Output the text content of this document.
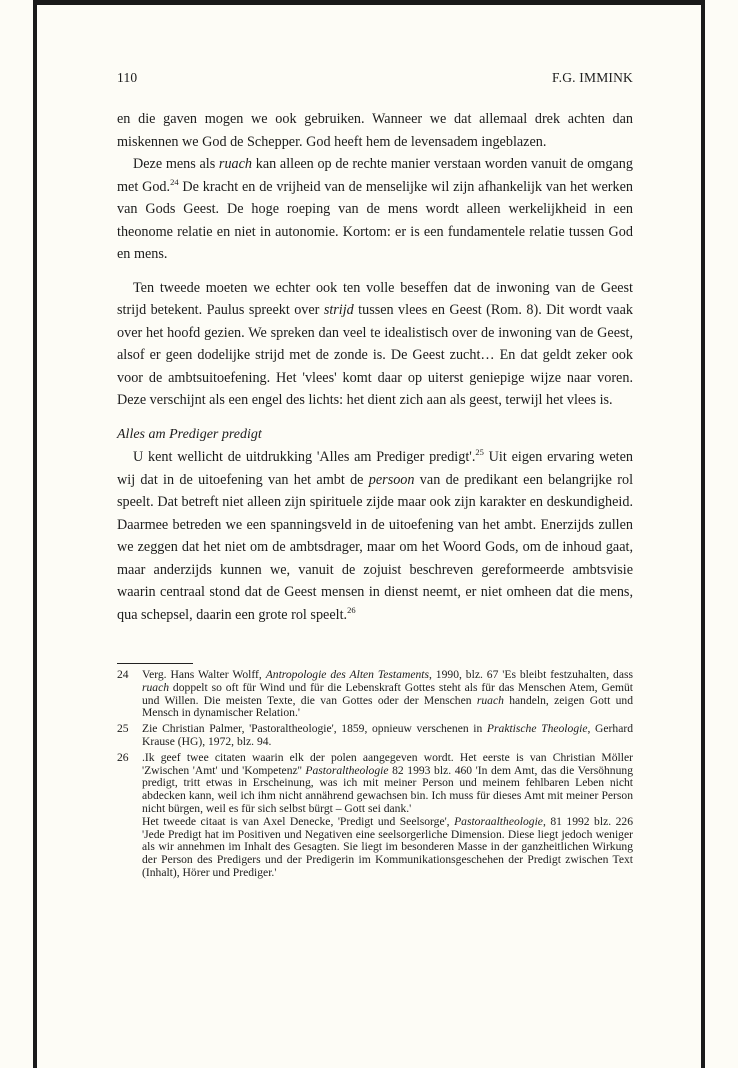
110	F.G. IMMINK

en die gaven mogen we ook gebruiken. Wanneer we dat allemaal drek achten dan miskennen we God de Schepper. God heeft hem de levensadem ingeblazen.

Deze mens als ruach kan alleen op de rechte manier verstaan worden vanuit de omgang met God.$^{24}$ De kracht en de vrijheid van de menselijke wil zijn afhankelijk van het werken van Gods Geest. De hoge roeping van de mens wordt alleen werkelijkheid in een theonome relatie en niet in autonomie. Kortom: er is een fundamentele relatie tussen God en mens.

Ten tweede moeten we echter ook ten volle beseffen dat de inwoning van de Geest strijd betekent. Paulus spreekt over strijd tussen vlees en Geest (Rom. 8). Dit wordt vaak over het hoofd gezien. We spreken dan veel te idealistisch over de inwoning van de Geest, alsof er geen dodelijke strijd met de zonde is. De Geest zucht… En dat geldt zeker ook voor de ambtsuitoefening. Het 'vlees' komt daar op uiterst geniepige wijze naar voren. Deze verschijnt als een engel des lichts: het dient zich aan als geest, terwijl het vlees is.

Alles am Prediger predigt

U kent wellicht de uitdrukking 'Alles am Prediger predigt'.$^{25}$ Uit eigen ervaring weten wij dat in de uitoefening van het ambt de persoon van de predikant een belangrijke rol speelt. Dat betreft niet alleen zijn spirituele zijde maar ook zijn karakter en deskundigheid. Daarmee betreden we een spanningsveld in de uitoefening van het ambt. Enerzijds zullen we zeggen dat het niet om de ambtsdrager, maar om het Woord Gods, om de inhoud gaat, maar anderzijds kunnen we, vanuit de zojuist beschreven gereformeerde ambtsvisie waarin centraal stond dat de Geest mensen in dienst neemt, er niet omheen dat die mens, qua schepsel, daarin een grote rol speelt.$^{26}$

24 Verg. Hans Walter Wolff, Antropologie des Alten Testaments, 1990, blz. 67 'Es bleibt festzuhalten, dass ruach doppelt so oft für Wind und für die Lebenskraft Gottes steht als für das Menschen Atem, Gemüt und Willen. Die meisten Texte, die van Gottes oder der Menschen ruach handeln, zeigen Gott und Mensch in dynamischer Relation.'

25 Zie Christian Palmer, 'Pastoraltheologie', 1859, opnieuw verschenen in Praktische Theologie, Gerhard Krause (HG), 1972, blz. 94.

26 .Ik geef twee citaten waarin elk der polen aangegeven wordt. Het eerste is van Christian Möller 'Zwischen 'Amt' und 'Kompetenz'' Pastoraltheologie 82 1993 blz. 460 'In dem Amt, das die Versöhnung predigt, tritt etwas in Erscheinung, was ich mit meiner Person und meinem fehlbaren Leben nicht abdecken kann, weil ich ihm nicht annährend gewachsen bin. Ich muss für dieses Amt mit meiner Person nicht bürgen, weil es für sich selbst bürgt – Gott sei dank.'

Het tweede citaat is van Axel Denecke, 'Predigt und Seelsorge', Pastoraaltheologie, 81 1992 blz. 226 'Jede Predigt hat im Positiven und Negativen eine seelsorgerliche Dimension. Diese liegt jedoch weniger als wir annehmen im Inhalt des Gesagten. Sie liegt im besonderen Masse in der ganzheitlichen Wirkung der Person des Predigers und der Predigerin im Kommunikationsgeschehen der Predigt zwischen Text (Inhalt), Hörer und Prediger.'
